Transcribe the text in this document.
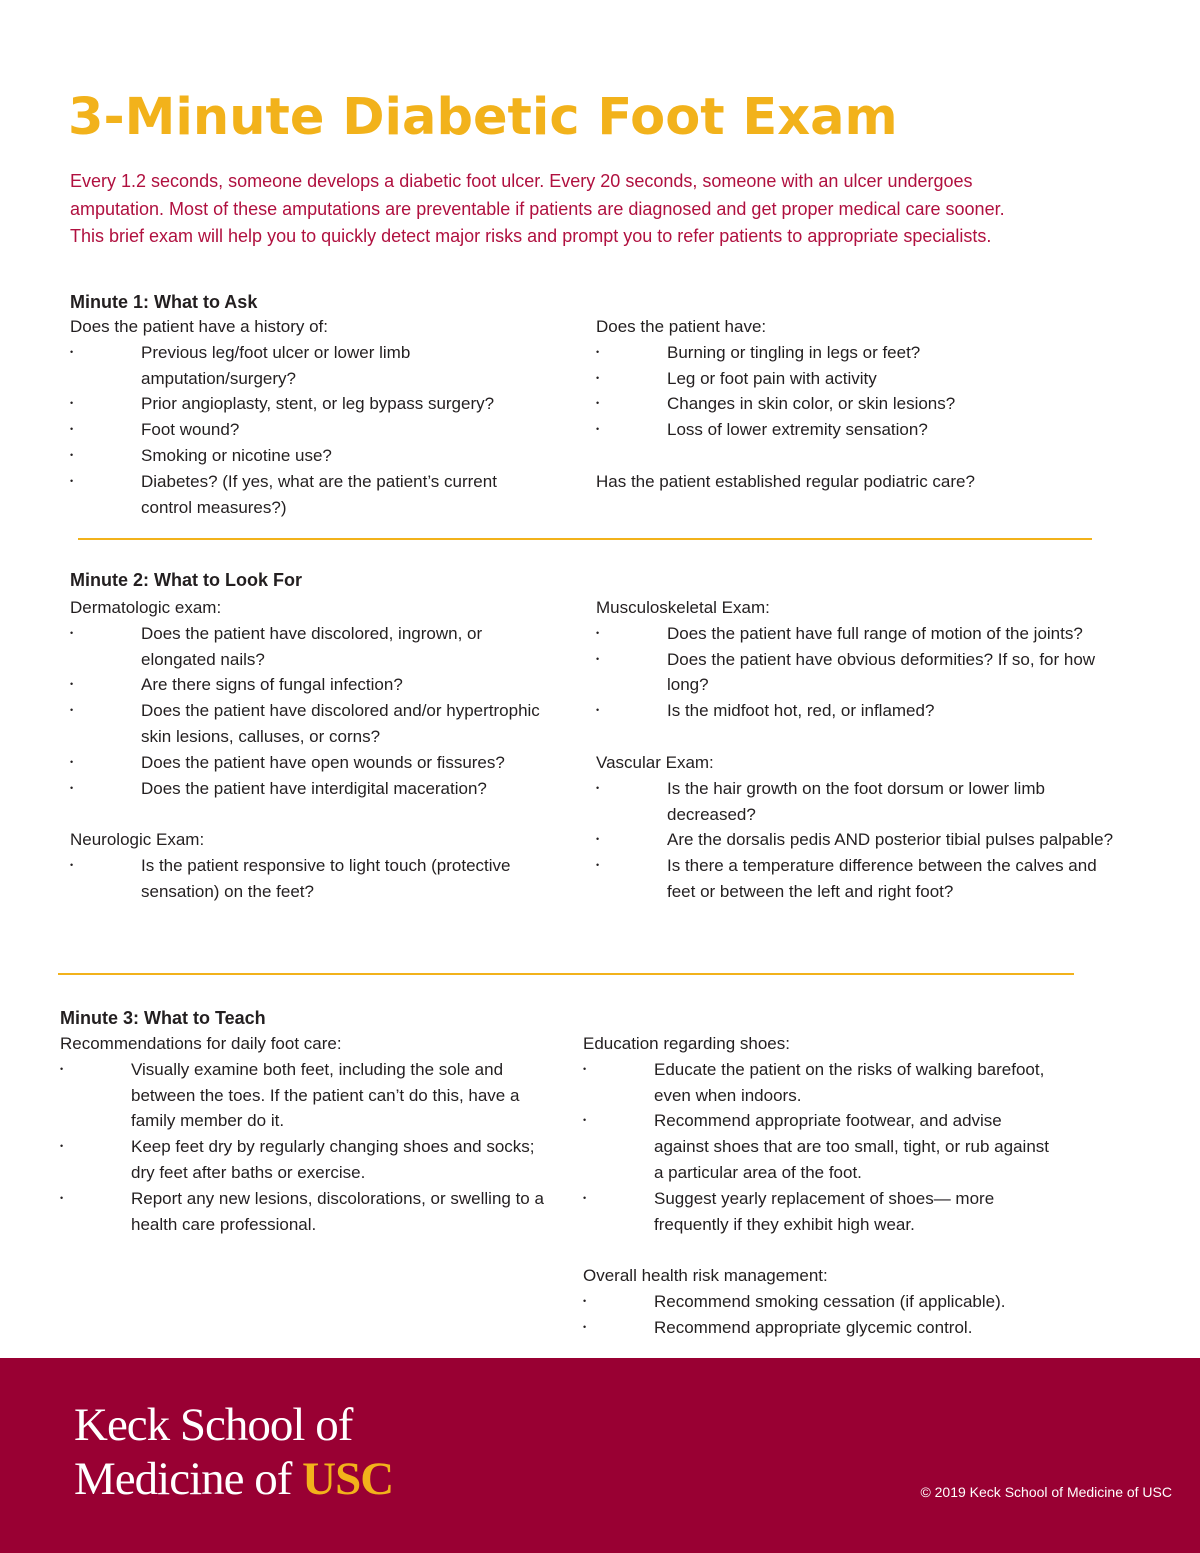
3-Minute Diabetic Foot Exam

Every 1.2 seconds, someone develops a diabetic foot ulcer. Every 20 seconds, someone with an ulcer undergoes
amputation. Most of these amputations are preventable if patients are diagnosed and get proper medical care sooner.
This brief exam will help you to quickly detect major risks and prompt you to refer patients to appropriate specialists.

Minute 1: What to Ask

Does the patient have a history of:

• Previous leg/foot ulcer or lower limb amputation/surgery?
• Prior angioplasty, stent, or leg bypass surgery?
• Foot wound?
• Smoking or nicotine use?
• Diabetes? (If yes, what are the patient’s current control measures?)

Does the patient have:

• Burning or tingling in legs or feet?
• Leg or foot pain with activity
• Changes in skin color, or skin lesions?
• Loss of lower extremity sensation?

Has the patient established regular podiatric care?

Minute 2: What to Look For

Dermatologic exam:

• Does the patient have discolored, ingrown, or elongated nails?
• Are there signs of fungal infection?
• Does the patient have discolored and/or hypertrophic skin lesions, calluses, or corns?
• Does the patient have open wounds or fissures?
• Does the patient have interdigital maceration?

Neurologic Exam:

• Is the patient responsive to light touch (protective sensation) on the feet?

Musculoskeletal Exam:

• Does the patient have full range of motion of the joints?
• Does the patient have obvious deformities? If so, for how long?
• Is the midfoot hot, red, or inflamed?

Vascular Exam:

• Is the hair growth on the foot dorsum or lower limb decreased?
• Are the dorsalis pedis AND posterior tibial pulses palpable?
• Is there a temperature difference between the calves and feet or between the left and right foot?
Minute 3: What to Teach

Recommendations for daily foot care:

• Visually examine both feet, including the sole and between the toes. If the patient can’t do this, have a family member do it.
• Keep feet dry by regularly changing shoes and socks; dry feet after baths or exercise.
• Report any new lesions, discolorations, or swelling to a health care professional.

Education regarding shoes:

• Educate the patient on the risks of walking barefoot, even when indoors.
• Recommend appropriate footwear, and advise against shoes that are too small, tight, or rub against a particular area of the foot.
• Suggest yearly replacement of shoes— more frequently if they exhibit high wear.

Overall health risk management:

• Recommend smoking cessation (if applicable).
• Recommend appropriate glycemic control.
Keck School of
Medicine of USC	© 2019 Keck School of Medicine of USC
